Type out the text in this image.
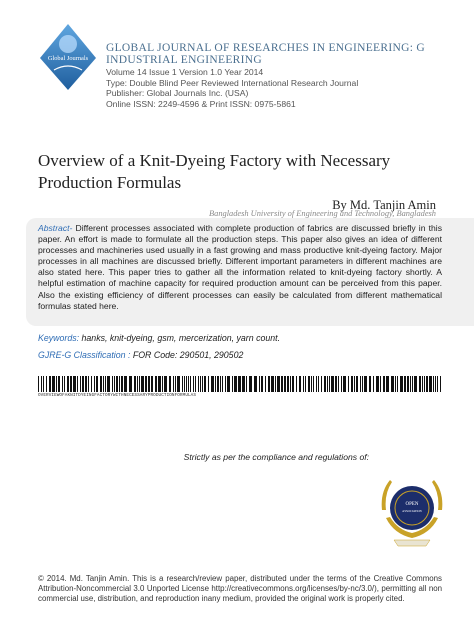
Global Journals
GLOBAL JOURNAL OF RESEARCHES IN ENGINEERING: G
INDUSTRIAL ENGINEERING
Volume 14 Issue 1 Version 1.0 Year 2014
Type: Double Blind Peer Reviewed International Research Journal
Publisher: Global Journals Inc. (USA)
Online ISSN: 2249-4596 & Print ISSN: 0975-5861
Overview of a Knit-Dyeing Factory with Necessary Production Formulas
By Md. Tanjin Amin
Bangladesh University of Engineering and Technology, Bangladesh
Abstract- Different processes associated with complete production of fabrics are discussed briefly in this paper. An effort is made to formulate all the production steps. This paper also gives an idea of different processes and machineries used usually in a fast growing and mass productive knit-dyeing factory. Major processes in all machines are discussed briefly. Different important parameters in different machines are also stated here. This paper tries to gather all the information related to knit-dyeing factory shortly. A helpful estimation of machine capacity for required production amount can be perceived from this paper. Also the existing efficiency of different processes can easily be calculated from different mathematical formulas stated here.
Keywords: hanks, knit-dyeing, gsm, mercerization, yarn count.
GJRE-G Classification : FOR Code: 290501, 290502
OVERVIEWOFAKNITDYEINGFACTORYWITHNECESSARYPRODUCTIONFORMULAS
Strictly as per the compliance and regulations of:
OPEN
ASSOCIATION
© 2014. Md. Tanjin Amin. This is a research/review paper, distributed under the terms of the Creative Commons Attribution-Noncommercial 3.0 Unported License http://creativecommons.org/licenses/by-nc/3.0/), permitting all non commercial use, distribution, and reproduction inany medium, provided the original work is properly cited.
